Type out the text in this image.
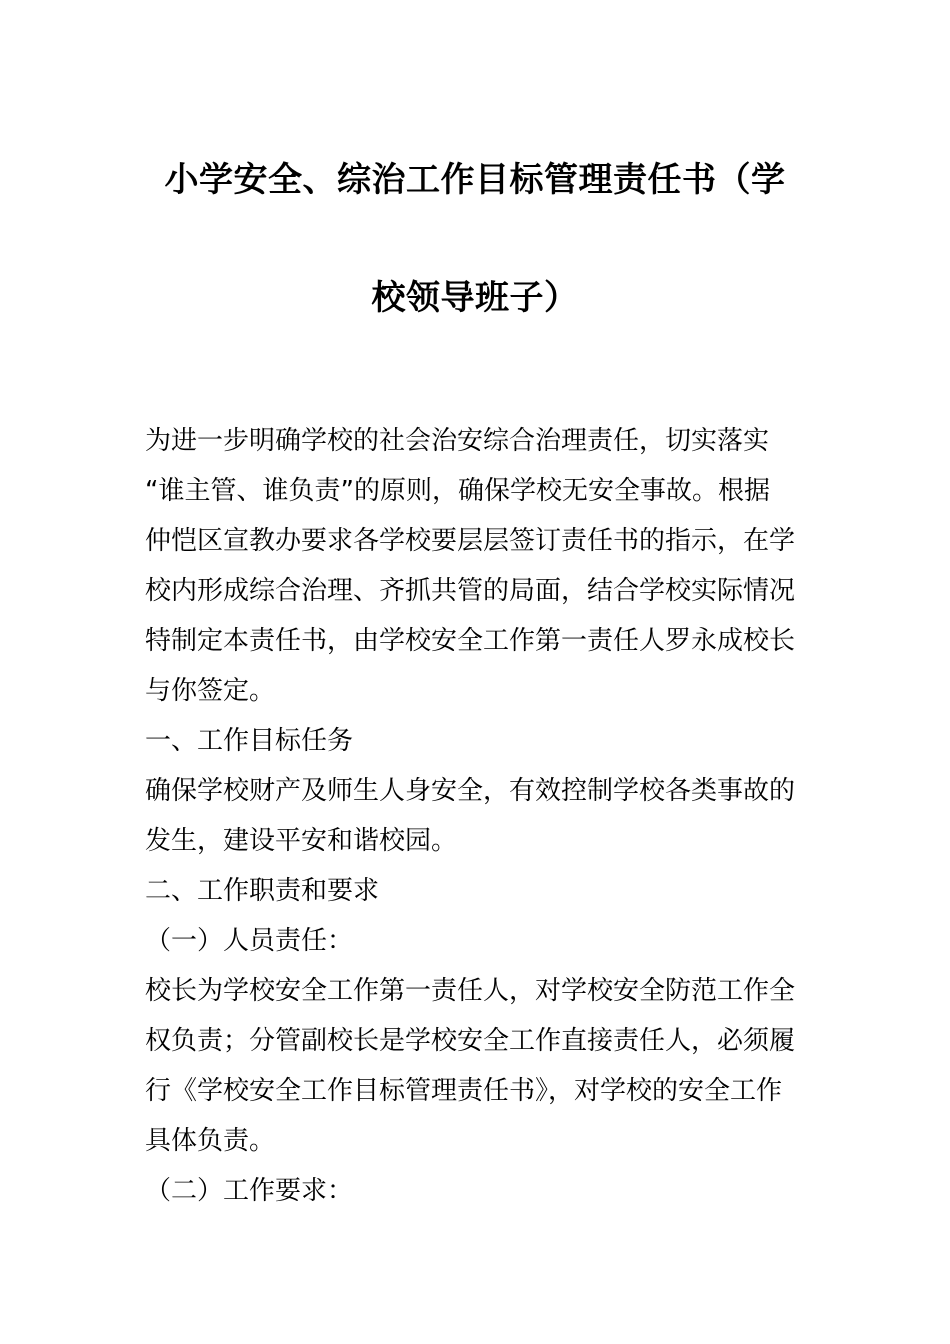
小学安全、综治工作目标管理责任书（学
校领导班子）
为进一步明确学校的社会治安综合治理责任，切实落实
“谁主管、谁负责”的原则，确保学校无安全事故。根据
仲恺区宣教办要求各学校要层层签订责任书的指示，在学
校内形成综合治理、齐抓共管的局面，结合学校实际情况
特制定本责任书，由学校安全工作第一责任人罗永成校长
与你签定。
一、工作目标任务
确保学校财产及师生人身安全，有效控制学校各类事故的
发生，建设平安和谐校园。
二、工作职责和要求
（一）人员责任：
校长为学校安全工作第一责任人，对学校安全防范工作全
权负责；分管副校长是学校安全工作直接责任人，必须履
行《学校安全工作目标管理责任书》，对学校的安全工作
具体负责。
（二）工作要求：
